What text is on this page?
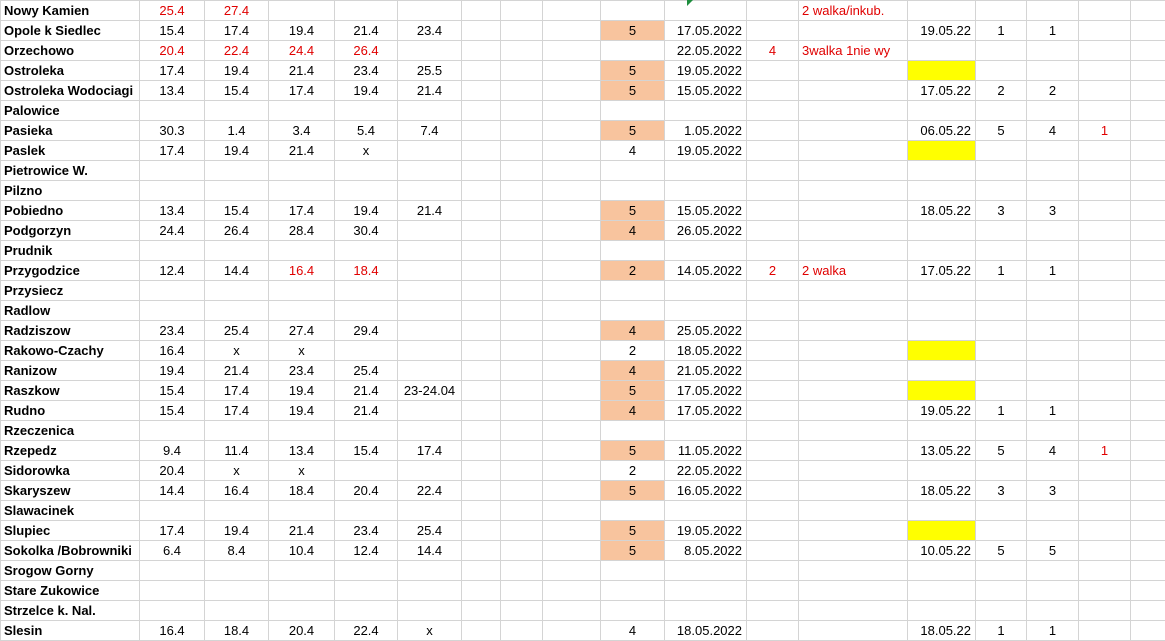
Nowy Kamien	25.4	27.4										2 walka/inkub.					
Opole k Siedlec	15.4	17.4	19.4	21.4	23.4				5	17.05.2022			19.05.22	1	1		
Orzechowo	20.4	22.4	24.4	26.4						22.05.2022	4	3walka 1nie wy					
Ostroleka	17.4	19.4	21.4	23.4	25.5				5	19.05.2022							
Ostroleka Wodociagi	13.4	15.4	17.4	19.4	21.4				5	15.05.2022			17.05.22	2	2		
Palowice																	
Pasieka	30.3	1.4	3.4	5.4	7.4				5	1.05.2022			06.05.22	5	4	1	
Paslek	17.4	19.4	21.4	x					4	19.05.2022							
Pietrowice W.																	
Pilzno																	
Pobiedno	13.4	15.4	17.4	19.4	21.4				5	15.05.2022			18.05.22	3	3		
Podgorzyn	24.4	26.4	28.4	30.4					4	26.05.2022							
Prudnik																	
Przygodzice	12.4	14.4	16.4	18.4					2	14.05.2022	2	2 walka	17.05.22	1	1		
Przysiecz																	
Radlow																	
Radziszow	23.4	25.4	27.4	29.4					4	25.05.2022							
Rakowo-Czachy	16.4	x	x						2	18.05.2022							
Ranizow	19.4	21.4	23.4	25.4					4	21.05.2022							
Raszkow	15.4	17.4	19.4	21.4	23-24.04				5	17.05.2022							
Rudno	15.4	17.4	19.4	21.4					4	17.05.2022			19.05.22	1	1		
Rzeczenica																	
Rzepedz	9.4	11.4	13.4	15.4	17.4				5	11.05.2022			13.05.22	5	4	1	
Sidorowka	20.4	x	x						2	22.05.2022							
Skaryszew	14.4	16.4	18.4	20.4	22.4				5	16.05.2022			18.05.22	3	3		
Slawacinek																	
Slupiec	17.4	19.4	21.4	23.4	25.4				5	19.05.2022							
Sokolka /Bobrowniki	6.4	8.4	10.4	12.4	14.4				5	8.05.2022			10.05.22	5	5		
Srogow Gorny																	
Stare Zukowice																	
Strzelce k. Nal.																	
Slesin	16.4	18.4	20.4	22.4	x				4	18.05.2022			18.05.22	1	1		
